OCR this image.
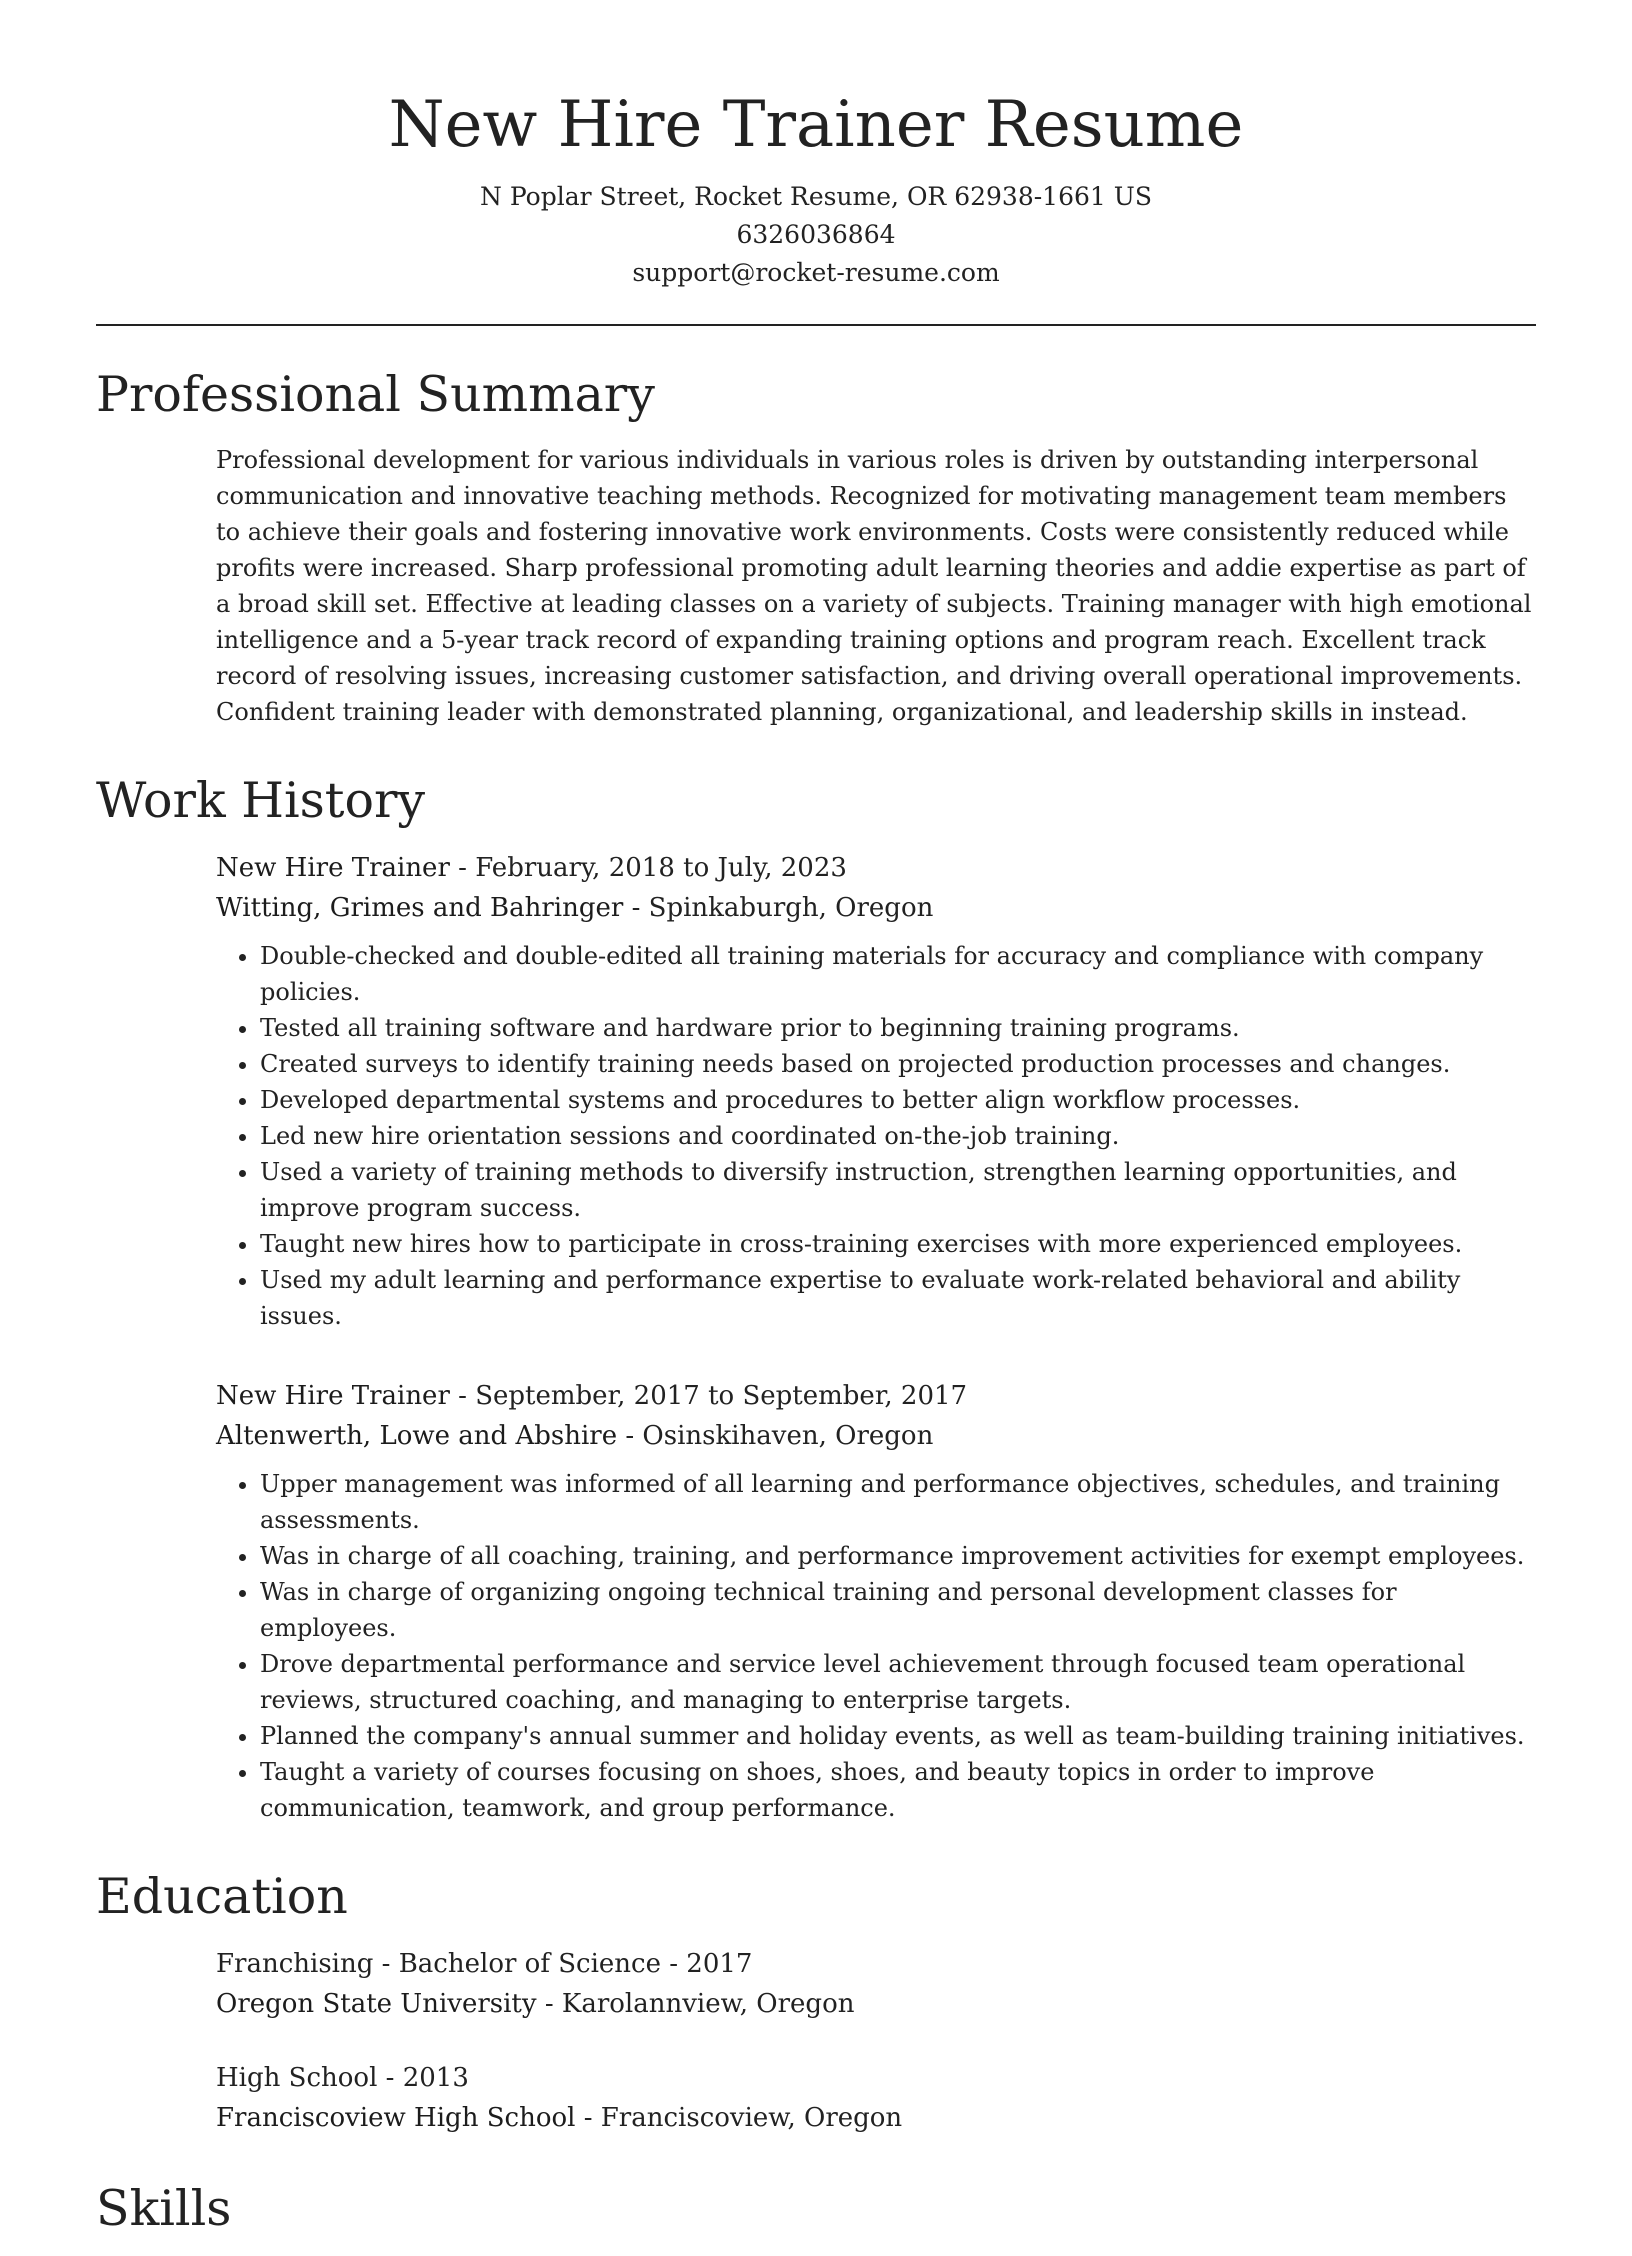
New Hire Trainer Resume
N Poplar Street, Rocket Resume, OR 62938-1661 US
6326036864
support@rocket-resume.com
Professional Summary

Professional development for various individuals in various roles is driven by outstanding interpersonal communication and innovative teaching methods. Recognized for motivating management team members to achieve their goals and fostering innovative work environments. Costs were consistently reduced while profits were increased. Sharp professional promoting adult learning theories and addie expertise as part of a broad skill set. Effective at leading classes on a variety of subjects. Training manager with high emotional intelligence and a 5-year track record of expanding training options and program reach. Excellent track record of resolving issues, increasing customer satisfaction, and driving overall operational improvements. Confident training leader with demonstrated planning, organizational, and leadership skills in instead.

Work History
New Hire Trainer - February, 2018 to July, 2023
Witting, Grimes and Bahringer - Spinkaburgh, Oregon
• Double-checked and double-edited all training materials for accuracy and compliance with company policies.
• Tested all training software and hardware prior to beginning training programs.
• Created surveys to identify training needs based on projected production processes and changes.
• Developed departmental systems and procedures to better align workflow processes.
• Led new hire orientation sessions and coordinated on-the-job training.
• Used a variety of training methods to diversify instruction, strengthen learning opportunities, and improve program success.
• Taught new hires how to participate in cross-training exercises with more experienced employees.
• Used my adult learning and performance expertise to evaluate work-related behavioral and ability issues.
New Hire Trainer - September, 2017 to September, 2017
Altenwerth, Lowe and Abshire - Osinskihaven, Oregon
• Upper management was informed of all learning and performance objectives, schedules, and training assessments.
• Was in charge of all coaching, training, and performance improvement activities for exempt employees.
• Was in charge of organizing ongoing technical training and personal development classes for employees.
• Drove departmental performance and service level achievement through focused team operational reviews, structured coaching, and managing to enterprise targets.
• Planned the company's annual summer and holiday events, as well as team-building training initiatives.
• Taught a variety of courses focusing on shoes, shoes, and beauty topics in order to improve communication, teamwork, and group performance.
Education
Franchising - Bachelor of Science - 2017
Oregon State University - Karolannview, Oregon
High School - 2013
Franciscoview High School - Franciscoview, Oregon
Skills
